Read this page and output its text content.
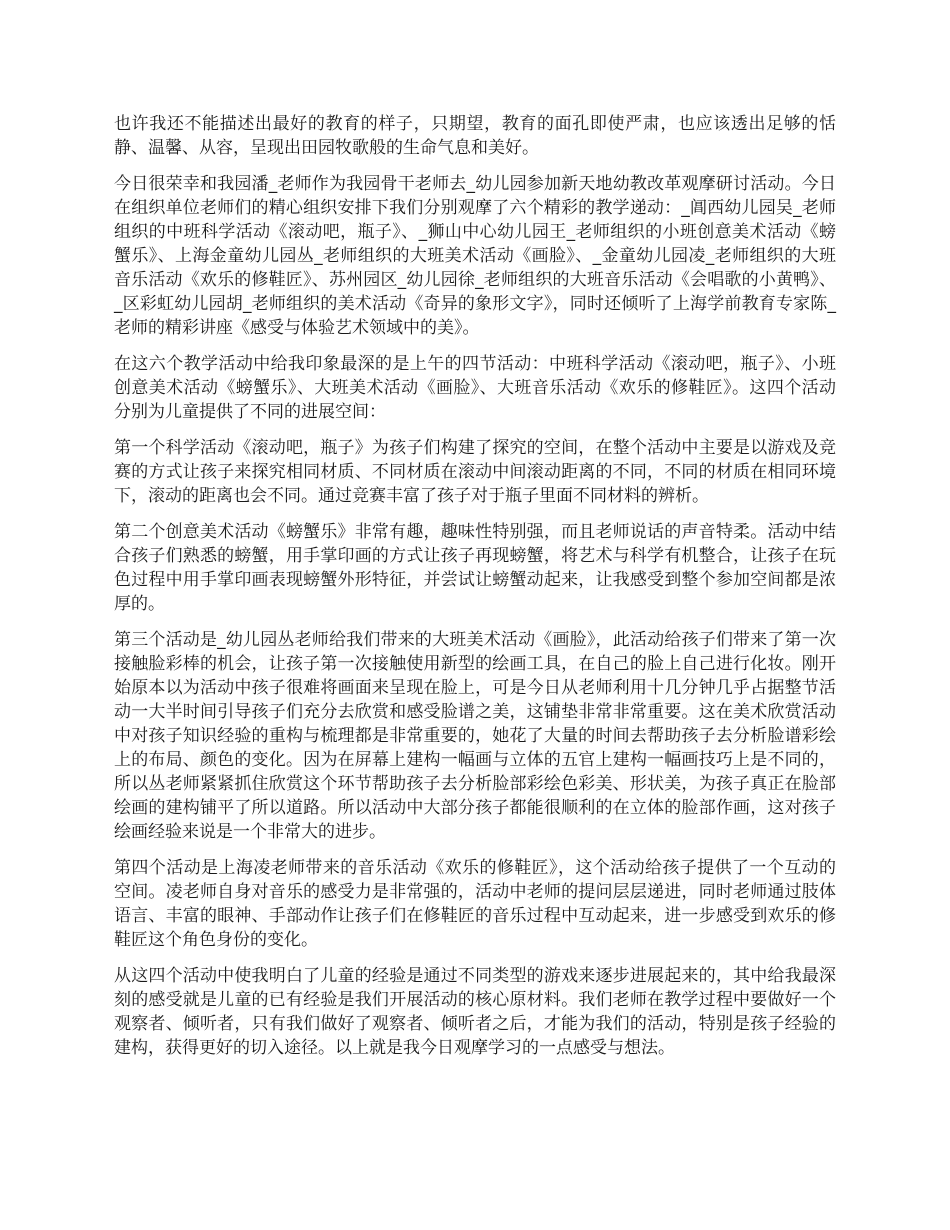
也许我还不能描述出最好的教育的样子，只期望，教育的面孔即使严肃，也应该透出足够的恬静、温馨、从容，呈现出田园牧歌般的生命气息和美好。

今日很荣幸和我园潘_老师作为我园骨干老师去_幼儿园参加新天地幼教改革观摩研讨活动。今日在组织单位老师们的精心组织安排下我们分别观摩了六个精彩的教学递动：_阊西幼儿园吴_老师组织的中班科学活动《滚动吧，瓶子》、_狮山中心幼儿园王_老师组织的小班创意美术活动《螃蟹乐》、上海金童幼儿园丛_老师组织的大班美术活动《画脸》、_金童幼儿园凌_老师组织的大班音乐活动《欢乐的修鞋匠》、苏州园区_幼儿园徐_老师组织的大班音乐活动《会唱歌的小黄鸭》、_区彩虹幼儿园胡_老师组织的美术活动《奇异的象形文字》，同时还倾听了上海学前教育专家陈_老师的精彩讲座《感受与体验艺术领域中的美》。

在这六个教学活动中给我印象最深的是上午的四节活动：中班科学活动《滚动吧，瓶子》、小班创意美术活动《螃蟹乐》、大班美术活动《画脸》、大班音乐活动《欢乐的修鞋匠》。这四个活动分别为儿童提供了不同的进展空间：

第一个科学活动《滚动吧，瓶子》为孩子们构建了探究的空间，在整个活动中主要是以游戏及竞赛的方式让孩子来探究相同材质、不同材质在滚动中间滚动距离的不同，不同的材质在相同环境下，滚动的距离也会不同。通过竞赛丰富了孩子对于瓶子里面不同材料的辨析。

第二个创意美术活动《螃蟹乐》非常有趣，趣味性特别强，而且老师说话的声音特柔。活动中结合孩子们熟悉的螃蟹，用手掌印画的方式让孩子再现螃蟹，将艺术与科学有机整合，让孩子在玩色过程中用手掌印画表现螃蟹外形特征，并尝试让螃蟹动起来，让我感受到整个参加空间都是浓厚的。

第三个活动是_幼儿园丛老师给我们带来的大班美术活动《画脸》，此活动给孩子们带来了第一次接触脸彩棒的机会，让孩子第一次接触使用新型的绘画工具，在自己的脸上自己进行化妆。刚开始原本以为活动中孩子很难将画面来呈现在脸上，可是今日从老师利用十几分钟几乎占据整节活动一大半时间引导孩子们充分去欣赏和感受脸谱之美，这铺垫非常非常重要。这在美术欣赏活动中对孩子知识经验的重构与梳理都是非常重要的，她花了大量的时间去帮助孩子去分析脸谱彩绘上的布局、颜色的变化。因为在屏幕上建构一幅画与立体的五官上建构一幅画技巧上是不同的，所以丛老师紧紧抓住欣赏这个环节帮助孩子去分析脸部彩绘色彩美、形状美，为孩子真正在脸部绘画的建构铺平了所以道路。所以活动中大部分孩子都能很顺利的在立体的脸部作画，这对孩子绘画经验来说是一个非常大的进步。

第四个活动是上海凌老师带来的音乐活动《欢乐的修鞋匠》，这个活动给孩子提供了一个互动的空间。凌老师自身对音乐的感受力是非常强的，活动中老师的提问层层递进，同时老师通过肢体语言、丰富的眼神、手部动作让孩子们在修鞋匠的音乐过程中互动起来，进一步感受到欢乐的修鞋匠这个角色身份的变化。

从这四个活动中使我明白了儿童的经验是通过不同类型的游戏来逐步进展起来的，其中给我最深刻的感受就是儿童的已有经验是我们开展活动的核心原材料。我们老师在教学过程中要做好一个观察者、倾听者，只有我们做好了观察者、倾听者之后，才能为我们的活动，特别是孩子经验的建构，获得更好的切入途径。以上就是我今日观摩学习的一点感受与想法。
